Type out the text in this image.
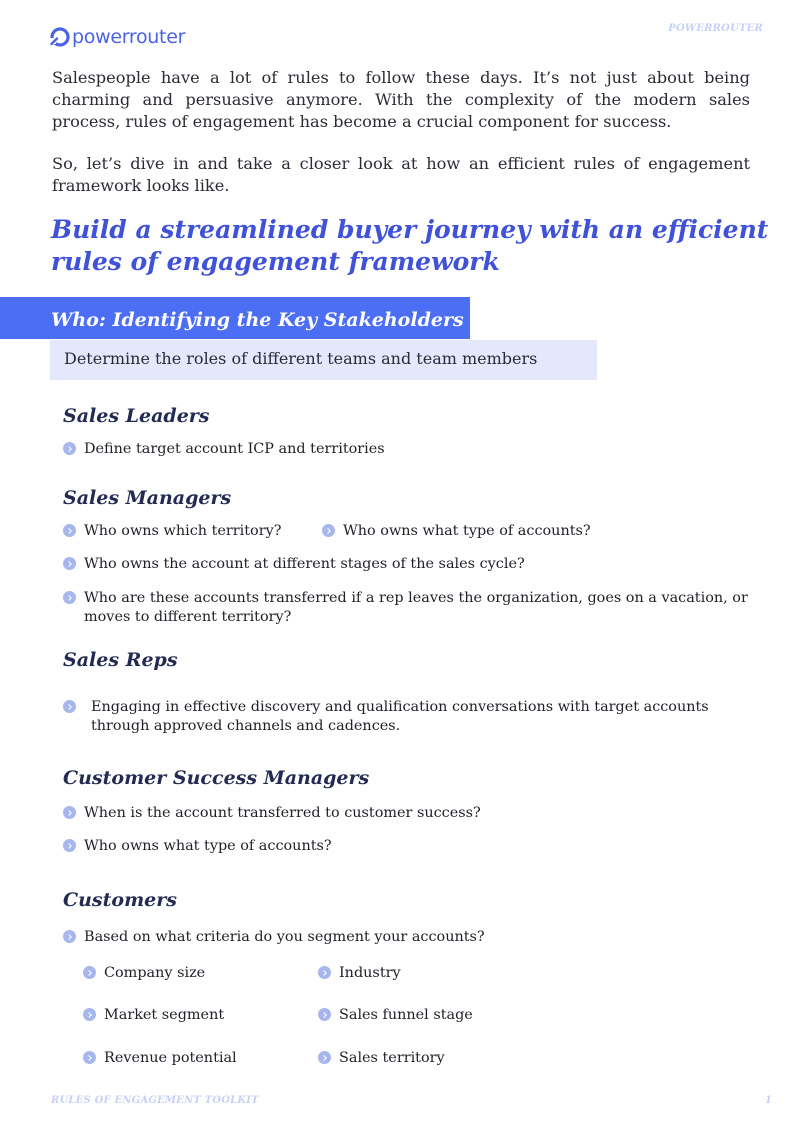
powerrouter	POWERROUTER

Salespeople have a lot of rules to follow these days. It’s not just about being charming and persuasive anymore. With the complexity of the modern sales process, rules of engagement has become a crucial component for success.

So, let’s dive in and take a closer look at how an efficient rules of engagement framework looks like.

Build a streamlined buyer journey with an efficient rules of engagement framework
Who: Identifying the Key Stakeholders

Determine the roles of different teams and team members

Sales Leaders
Define target account ICP and territories
Sales Managers
Who owns which territory?	Who owns what type of accounts?
Who owns the account at different stages of the sales cycle?
Who are these accounts transferred if a rep leaves the organization, goes on a vacation, or moves to different territory?
Sales Reps
Engaging in effective discovery and qualification conversations with target accounts through approved channels and cadences.
Customer Success Managers
When is the account transferred to customer success?
Who owns what type of accounts?
Customers
Based on what criteria do you segment your accounts?
Company size	Industry
Market segment	Sales funnel stage
Revenue potential	Sales territory
RULES OF ENGAGEMENT TOOLKIT	1
